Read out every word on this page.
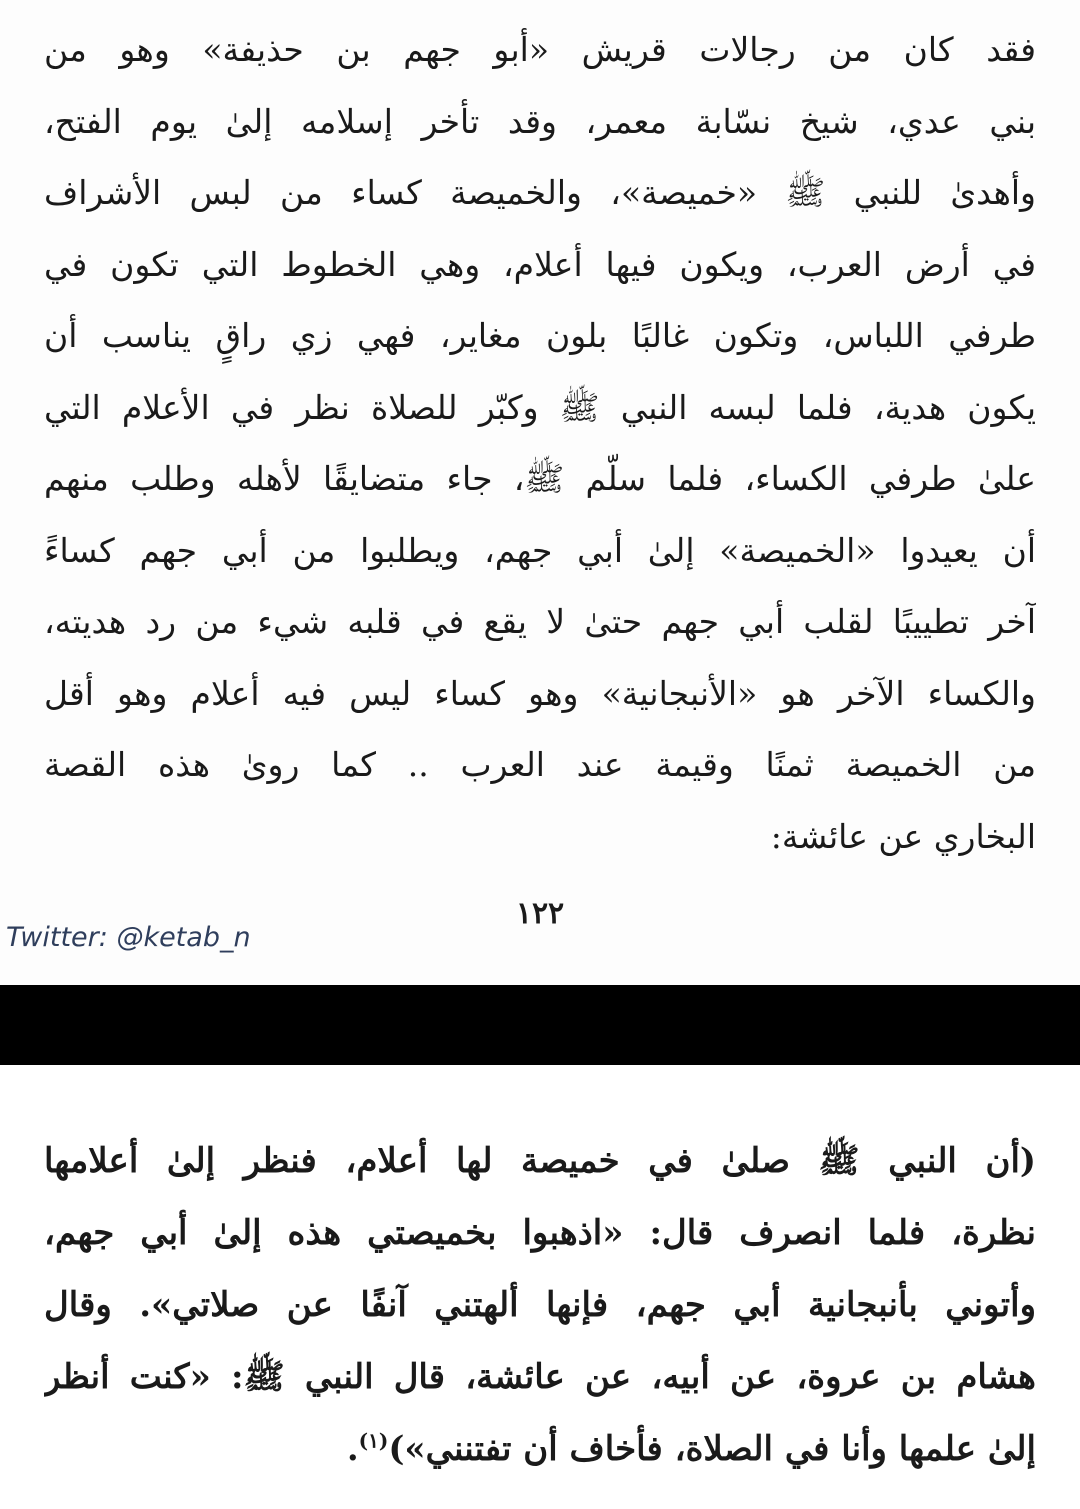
فقد كان من رجالات قريش «أبو جهم بن حذيفة» وهو من
بني عدي، شيخ نسّابة معمر، وقد تأخر إسلامه إلىٰ يوم الفتح،
وأهدىٰ للنبي ﷺ «خميصة»، والخميصة كساء من لبس الأشراف
في أرض العرب، ويكون فيها أعلام، وهي الخطوط التي تكون في
طرفي اللباس، وتكون غالبًا بلون مغاير، فهي زي راقٍ يناسب أن
يكون هدية، فلما لبسه النبي ﷺ وكبّر للصلاة نظر في الأعلام التي
علىٰ طرفي الكساء، فلما سلّم ﷺ، جاء متضايقًا لأهله وطلب منهم
أن يعيدوا «الخميصة» إلىٰ أبي جهم، ويطلبوا من أبي جهم كساءً
آخر تطييبًا لقلب أبي جهم حتىٰ لا يقع في قلبه شيء من رد هديته،
والكساء الآخر هو «الأنبجانية» وهو كساء ليس فيه أعلام وهو أقل
من الخميصة ثمنًا وقيمة عند العرب .. كما روىٰ هذه القصة
البخاري عن عائشة:
١٢٢
Twitter: @ketab_n
(أن النبي ﷺ صلىٰ في خميصة لها أعلام، فنظر إلىٰ أعلامها
نظرة، فلما انصرف قال: «اذهبوا بخميصتي هذه إلىٰ أبي جهم،
وأتوني بأنبجانية أبي جهم، فإنها ألهتني آنفًا عن صلاتي». وقال
هشام بن عروة، عن أبيه، عن عائشة، قال النبي ﷺ: «كنت أنظر
إلىٰ علمها وأنا في الصلاة، فأخاف أن تفتنني»)$^{(١)}$.
